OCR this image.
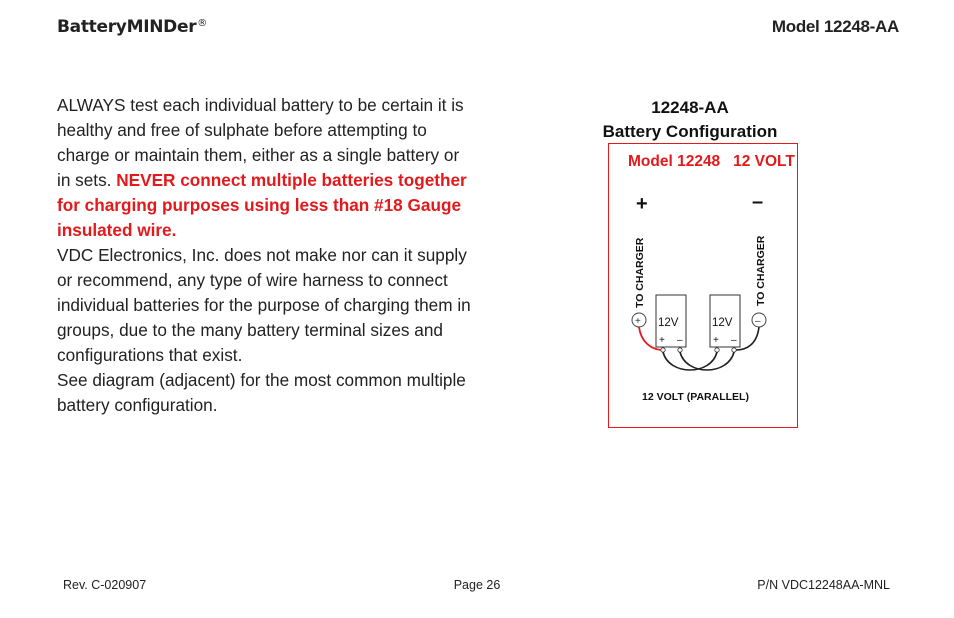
BatteryMINDer®	Model 12248-AA

ALWAYS test each individual battery to be certain it is healthy and free of sulphate before attempting to charge or maintain them, either as a single battery or in sets. NEVER connect multiple batteries together for charging purposes using less than #18 Gauge insulated wire.

VDC Electronics, Inc. does not make nor can it supply or recommend, any type of wire harness to connect individual batteries for the purpose of charging them in groups, due to the many battery terminal sizes and configurations that exist.

See diagram (adjacent) for the most common multiple battery configuration.

12248-AA
Battery Configuration
Model 12248   12 VOLT
+	–
TO CHARGER	TO CHARGER
+	–
12V
+ –
12V
+ –
12 VOLT (PARALLEL)
Rev. C-020907	Page 26	P/N VDC12248AA-MNL
